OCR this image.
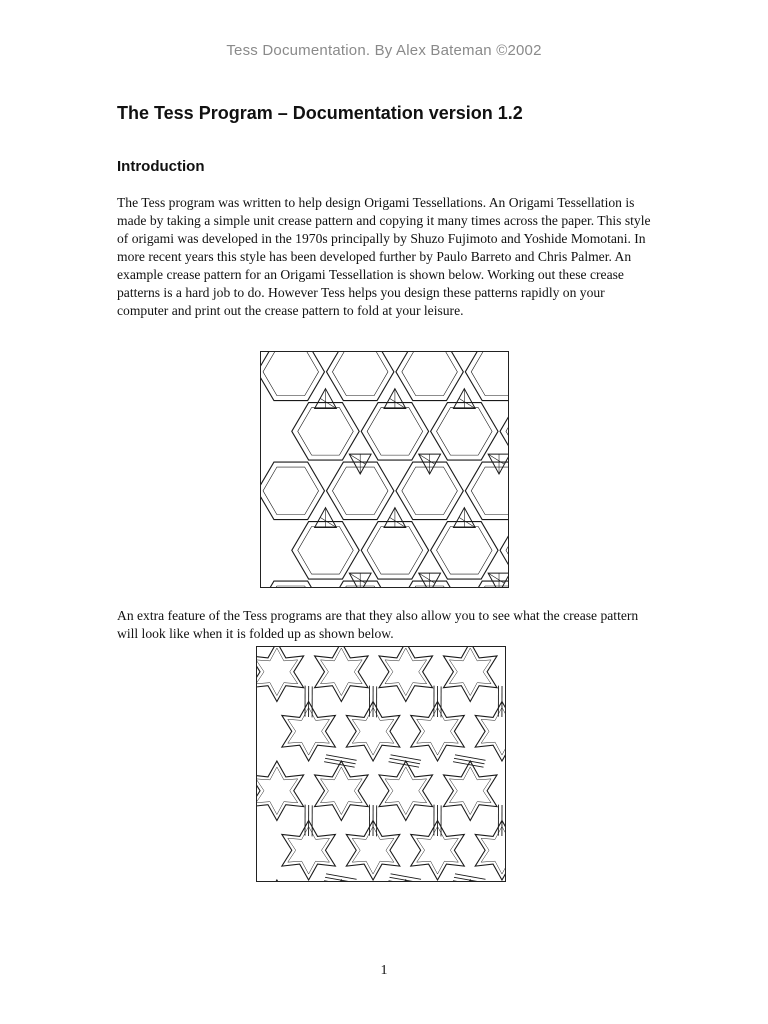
Tess Documentation. By Alex Bateman ©2002
The Tess Program – Documentation version 1.2
Introduction

The Tess program was written to help design Origami Tessellations. An Origami Tessellation is made by taking a simple unit crease pattern and copying it many times across the paper. This style of origami was developed in the 1970s principally by Shuzo Fujimoto and Yoshide Momotani. In more recent years this style has been developed further by Paulo Barreto and Chris Palmer. An example crease pattern for an Origami Tessellation is shown below. Working out these crease patterns is a hard job to do. However Tess helps you design these patterns rapidly on your computer and print out the crease pattern to fold at your leisure.

An extra feature of the Tess programs are that they also allow you to see what the crease pattern will look like when it is folded up as shown below.

1
